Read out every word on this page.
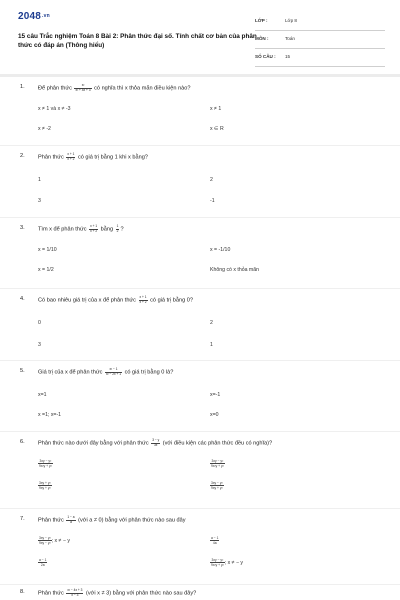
2048.vn
15 câu Trắc nghiệm Toán 8 Bài 2: Phân thức đại số. Tính chất cơ bản của phân thức có đáp án (Thông hiểu)
LỚP :	Lớp 8
MÔN :	Toán
SỐ CÂU : 15
1. Để phân thức $\frac{\text{x²}}{\text{x² + 4x + 3}}$ có nghĩa thì x thỏa mãn điều kiện nào?
x ≠ 1 và x ≠ -3	x ≠ 1
x ≠ -2	x ∈ R
2. Phân thức $\frac{x + 1}{x + 2}$ có giá trị bằng 1 khi x bằng?
1	2
3	-1
3. Tìm x để phân thức $\frac{x + 1}{x + 2}$ bằng $\frac{1}{2}$ ?
x = 1/10	x = -1/10
x = 1/2	Không có x thỏa mãn
4. Có bao nhiêu giá trị của x để phân thức $\frac{x + 1}{x + 2}$ có giá trị bằng 0?
0	2
3	1
5. Giá trị của x để phân thức $\frac{\text{x² − 1}}{\text{x² − 2x + 1}}$ có giá trị bằng 0 là?
x=1	x=-1
x =1; x=-1	x=0
6. Phân thức nào dưới đây bằng với phân thức $\frac{3 - y}{3x}$ (với điều kiện các phân thức đều có nghĩa)?
$\frac{\text{3xy − y²}}{\text{9x²y + y²}}$	$\frac{\text{3xy − y²}}{\text{9x²y + y²}}$
$\frac{\text{3xy + y²}}{\text{9xy + y²}}$	$\frac{\text{3xy − y²}}{\text{9xy + y²}}$
7. Phân thức $\frac{1 - a}{a}$ (với a ≠ 0) bằng với phân thức nào sau đây
$\frac{\text{3xy − y²}}{\text{9xy − y²}}$ ; x ≠ − y	$\frac{a - 1}{4a}$
$\frac{a - 1}{2a}$	$\frac{\text{3xy − y²}}{\text{9x²y + y²}}$ ; x ≠ − y
8. Phân thức $\frac{\text{x² − 4x + 3}}{x - 3}$ (với x ≠ 3) bằng với phân thức nào sau đây?
